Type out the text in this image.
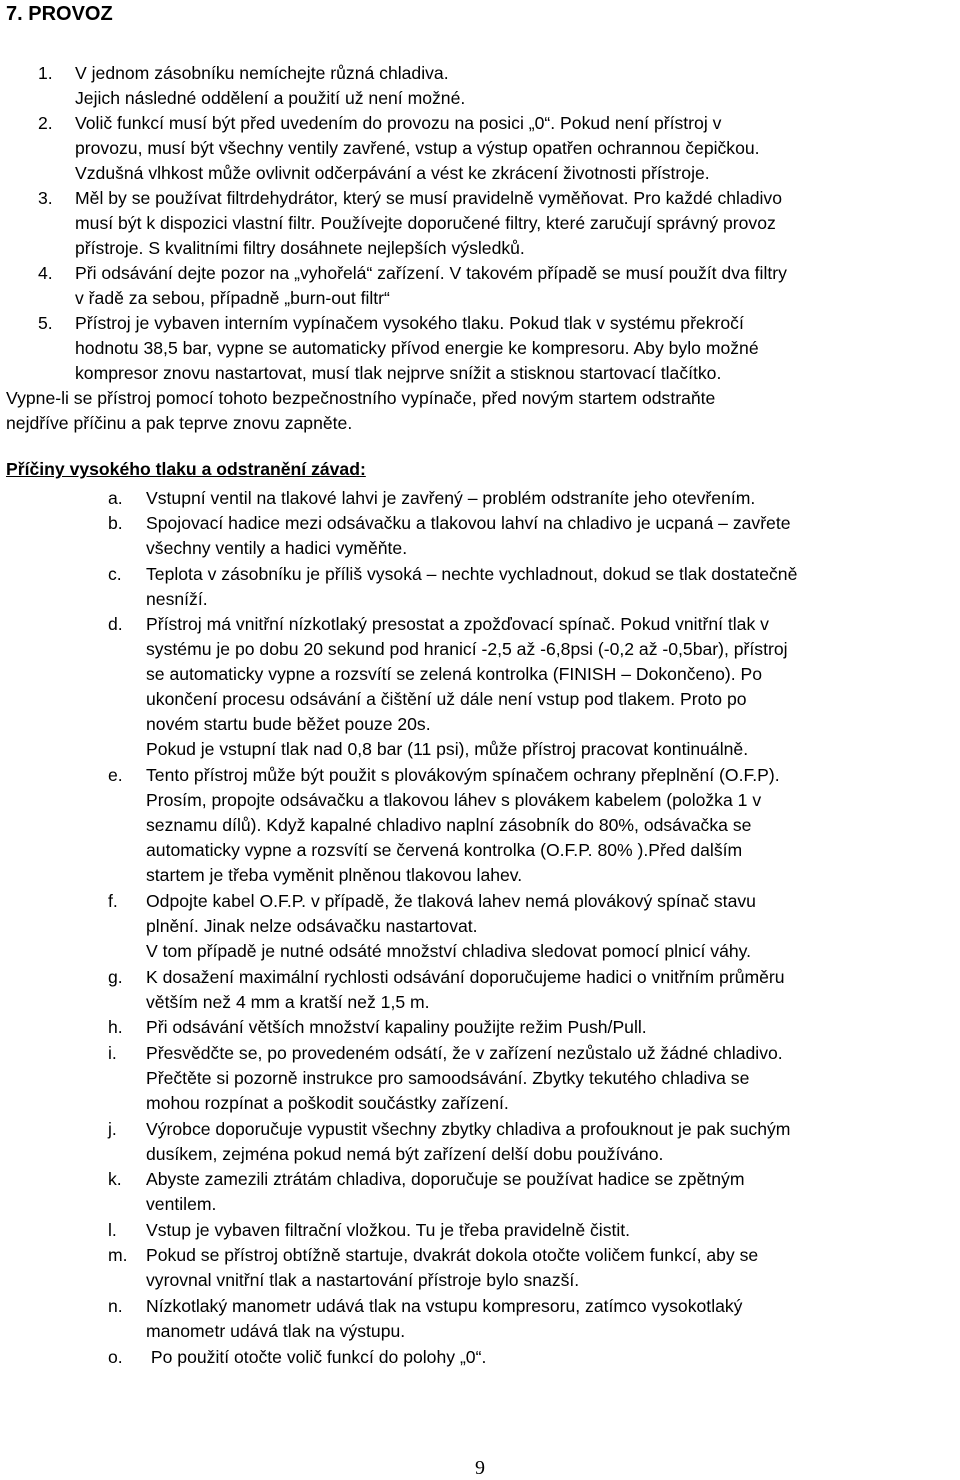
7. PROVOZ
1. V jednom zásobníku nemíchejte různá chladiva.
Jejich následné oddělení a použití už není možné.
2. Volič funkcí musí být před uvedením do provozu na posici „0“. Pokud není přístroj v
provozu, musí být všechny ventily zavřené, vstup a výstup opatřen ochrannou čepičkou.
Vzdušná vlhkost může ovlivnit odčerpávání a vést ke zkrácení životnosti přístroje.
3. Měl by se používat filtrdehydrátor, který se musí pravidelně vyměňovat. Pro každé chladivo
musí být k dispozici vlastní filtr. Používejte doporučené filtry, které zaručují správný provoz
přístroje. S kvalitními filtry dosáhnete nejlepších výsledků.
4. Při odsávání dejte pozor na „vyhořelá“ zařízení. V takovém případě se musí použít dva filtry
v řadě za sebou, případně „burn-out filtr“
5. Přístroj je vybaven interním vypínačem vysokého tlaku. Pokud tlak v systému překročí
hodnotu 38,5 bar, vypne se automaticky přívod energie ke kompresoru. Aby bylo možné
kompresor znovu nastartovat, musí tlak nejprve snížit a stisknou startovací tlačítko.
Vypne-li se přístroj pomocí tohoto bezpečnostního vypínače, před novým startem odstraňte
nejdříve příčinu a pak teprve znovu zapněte.
Příčiny vysokého tlaku a odstranění závad:
a. Vstupní ventil na tlakové lahvi je zavřený – problém odstraníte jeho otevřením.
b. Spojovací hadice mezi odsávačku a tlakovou lahví na chladivo je ucpaná – zavřete
všechny ventily a hadici vyměňte.
c. Teplota v zásobníku je příliš vysoká – nechte vychladnout, dokud se tlak dostatečně
nesníží.
d. Přístroj má vnitřní nízkotlaký presostat a zpožďovací spínač. Pokud vnitřní tlak v
systému je po dobu 20 sekund pod hranicí -2,5 až -6,8psi (-0,2 až -0,5bar), přístroj
se automaticky vypne a rozsvítí se zelená kontrolka (FINISH – Dokončeno). Po
ukončení procesu odsávání a čištění už dále není vstup pod tlakem. Proto po
novém startu bude běžet pouze 20s.
Pokud je vstupní tlak nad 0,8 bar (11 psi), může přístroj pracovat kontinuálně.
e. Tento přístroj může být použit s plovákovým spínačem ochrany přeplnění (O.F.P).
Prosím, propojte odsávačku a tlakovou láhev s plovákem kabelem (položka 1 v
seznamu dílů). Když kapalné chladivo naplní zásobník do 80%, odsávačka se
automaticky vypne a rozsvítí se červená kontrolka (O.F.P. 80% ).Před dalším
startem je třeba vyměnit plněnou tlakovou lahev.
f. Odpojte kabel O.F.P. v případě, že tlaková lahev nemá plovákový spínač stavu
plnění. Jinak nelze odsávačku nastartovat.
V tom případě je nutné odsáté množství chladiva sledovat pomocí plnicí váhy.
g. K dosažení maximální rychlosti odsávání doporučujeme hadici o vnitřním průměru
větším než 4 mm a kratší než 1,5 m.
h. Při odsávání větších množství kapaliny použijte režim Push/Pull.
i. Přesvědčte se, po provedeném odsátí, že v zařízení nezůstalo už žádné chladivo.
Přečtěte si pozorně instrukce pro samoodsávání. Zbytky tekutého chladiva se
mohou rozpínat a poškodit součástky zařízení.
j. Výrobce doporučuje vypustit všechny zbytky chladiva a profouknout je pak suchým
dusíkem, zejména pokud nemá být zařízení delší dobu používáno.
k. Abyste zamezili ztrátám chladiva, doporučuje se používat hadice se zpětným
ventilem.
l. Vstup je vybaven filtrační vložkou. Tu je třeba pravidelně čistit.
m. Pokud se přístroj obtížně startuje, dvakrát dokola otočte voličem funkcí, aby se
vyrovnal vnitřní tlak a nastartování přístroje bylo snazší.
n. Nízkotlaký manometr udává tlak na vstupu kompresoru, zatímco vysokotlaký
manometr udává tlak na výstupu.
o. Po použití otočte volič funkcí do polohy „0“.
9
